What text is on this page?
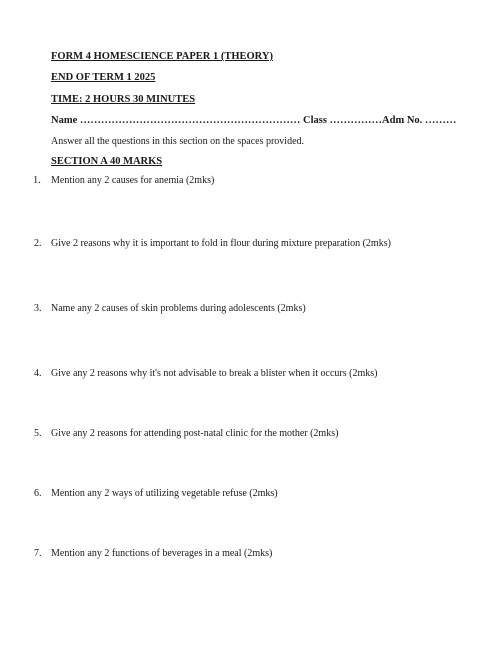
FORM 4 HOMESCIENCE PAPER 1 (THEORY)
END OF TERM 1 2025
TIME: 2 HOURS 30 MINUTES
Name ……………………………………………………… Class ……………Adm No. ………
Answer all the questions in this section on the spaces provided.
SECTION A 40 MARKS
1. Mention any 2 causes for anemia (2mks)
2. Give 2 reasons why it is important to fold in flour during mixture preparation (2mks)
3. Name any 2 causes of skin problems during adolescents (2mks)
4. Give any 2 reasons why it's not advisable to break a blister when it occurs (2mks)
5. Give any 2 reasons for attending post-natal clinic for the mother (2mks)
6. Mention any 2 ways of utilizing vegetable refuse (2mks)
7. Mention any 2 functions of beverages in a meal (2mks)
